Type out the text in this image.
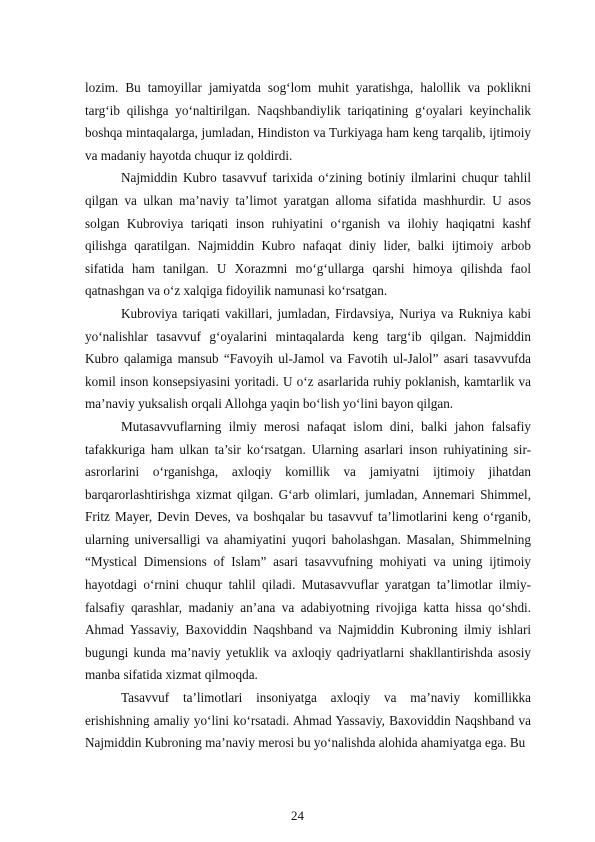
lozim. Bu tamoyillar jamiyatda sog‘lom muhit yaratishga, halollik va poklikni targ‘ib qilishga yo‘naltirilgan. Naqshbandiylik tariqatining g‘oyalari keyinchalik boshqa mintaqalarga, jumladan, Hindiston va Turkiyaga ham keng tarqalib, ijtimoiy va madaniy hayotda chuqur iz qoldirdi.

Najmiddin Kubro tasavvuf tarixida o‘zining botiniy ilmlarini chuqur tahlil qilgan va ulkan ma’naviy ta’limot yaratgan alloma sifatida mashhurdir. U asos solgan Kubroviya tariqati inson ruhiyatini o‘rganish va ilohiy haqiqatni kashf qilishga qaratilgan. Najmiddin Kubro nafaqat diniy lider, balki ijtimoiy arbob sifatida ham tanilgan. U Xorazmni mo‘g‘ullarga qarshi himoya qilishda faol qatnashgan va o‘z xalqiga fidoyilik namunasi ko‘rsatgan.

Kubroviya tariqati vakillari, jumladan, Firdavsiya, Nuriya va Rukniya kabi yo‘nalishlar tasavvuf g‘oyalarini mintaqalarda keng targ‘ib qilgan. Najmiddin Kubro qalamiga mansub “Favoyih ul-Jamol va Favotih ul-Jalol” asari tasavvufda komil inson konsepsiyasini yoritadi. U o‘z asarlarida ruhiy poklanish, kamtarlik va ma’naviy yuksalish orqali Allohga yaqin bo‘lish yo‘lini bayon qilgan.

Mutasavvuflarning ilmiy merosi nafaqat islom dini, balki jahon falsafiy tafakkuriga ham ulkan ta’sir ko‘rsatgan. Ularning asarlari inson ruhiyatining sir-asrorlarini o‘rganishga, axloqiy komillik va jamiyatni ijtimoiy jihatdan barqarorlashtirishga xizmat qilgan. G‘arb olimlari, jumladan, Annemari Shimmel, Fritz Mayer, Devin Deves, va boshqalar bu tasavvuf ta’limotlarini keng o‘rganib, ularning universalligi va ahamiyatini yuqori baholashgan. Masalan, Shimmelning “Mystical Dimensions of Islam” asari tasavvufning mohiyati va uning ijtimoiy hayotdagi o‘rnini chuqur tahlil qiladi. Mutasavvuflar yaratgan ta’limotlar ilmiy-falsafiy qarashlar, madaniy an’ana va adabiyotning rivojiga katta hissa qo‘shdi. Ahmad Yassaviy, Baxoviddin Naqshband va Najmiddin Kubroning ilmiy ishlari bugungi kunda ma’naviy yetuklik va axloqiy qadriyatlarni shakllantirishda asosiy manba sifatida xizmat qilmoqda.

Tasavvuf ta’limotlari insoniyatga axloqiy va ma’naviy komillikka erishishning amaliy yo‘lini ko‘rsatadi. Ahmad Yassaviy, Baxoviddin Naqshband va Najmiddin Kubroning ma’naviy merosi bu yo‘nalishda alohida ahamiyatga ega. Bu

24
